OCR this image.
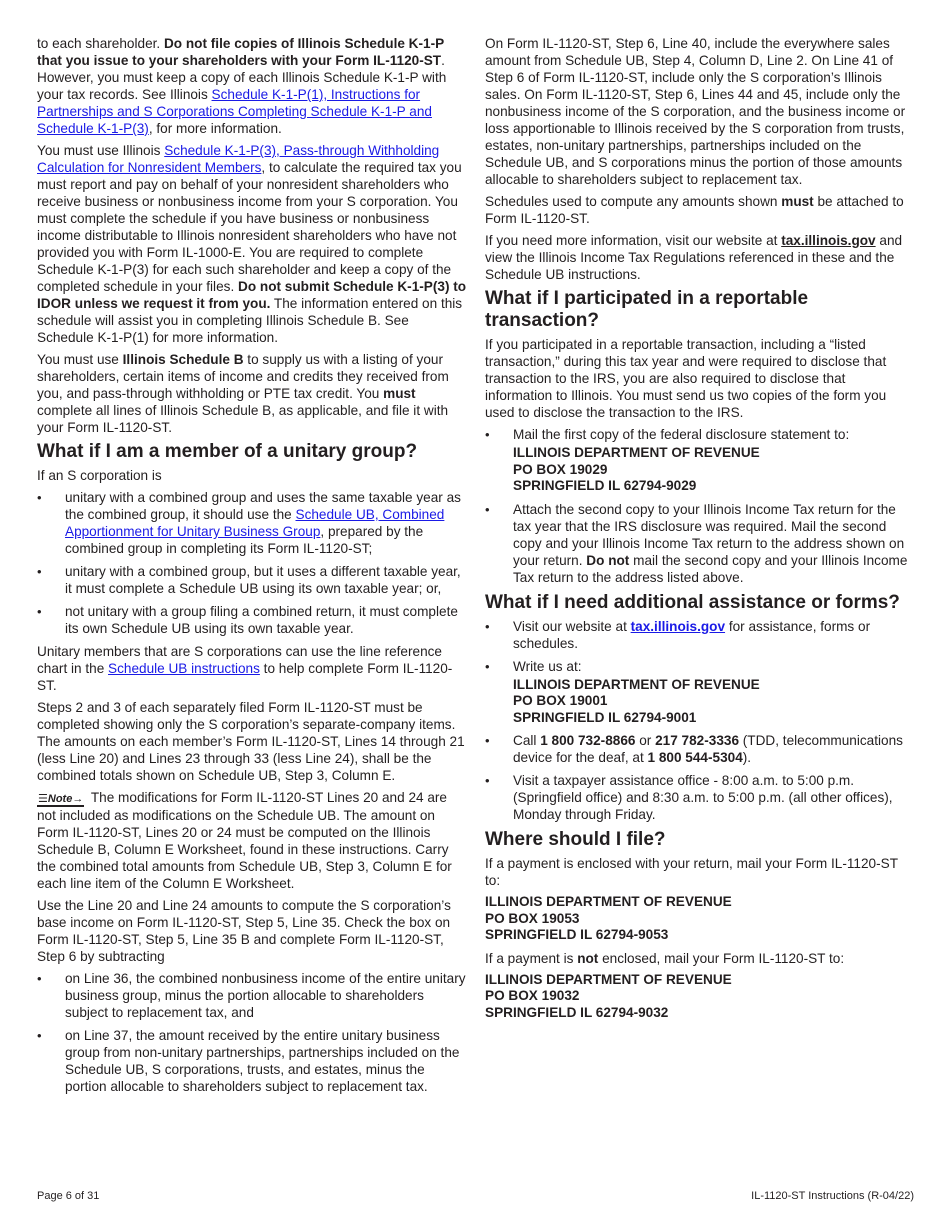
to each shareholder. Do not file copies of Illinois Schedule K-1-P that you issue to your shareholders with your Form IL-1120-ST. However, you must keep a copy of each Illinois Schedule K-1-P with your tax records. See Illinois Schedule K-1-P(1), Instructions for Partnerships and S Corporations Completing Schedule K-1-P and Schedule K-1-P(3), for more information.

You must use Illinois Schedule K-1-P(3), Pass-through Withholding Calculation for Nonresident Members, to calculate the required tax you must report and pay on behalf of your nonresident shareholders who receive business or nonbusiness income from your S corporation. You must complete the schedule if you have business or nonbusiness income distributable to Illinois nonresident shareholders who have not provided you with Form IL-1000-E. You are required to complete Schedule K-1-P(3) for each such shareholder and keep a copy of the completed schedule in your files. Do not submit Schedule K-1-P(3) to IDOR unless we request it from you. The information entered on this schedule will assist you in completing Illinois Schedule B. See Schedule K-1-P(1) for more information.

You must use Illinois Schedule B to supply us with a listing of your shareholders, certain items of income and credits they received from you, and pass-through withholding or PTE tax credit. You must complete all lines of Illinois Schedule B, as applicable, and file it with your Form IL-1120-ST.

What if I am a member of a unitary group?

If an S corporation is

• unitary with a combined group and uses the same taxable year as the combined group, it should use the Schedule UB, Combined Apportionment for Unitary Business Group, prepared by the combined group in completing its Form IL-1120-ST;
• unitary with a combined group, but it uses a different taxable year, it must complete a Schedule UB using its own taxable year; or,
• not unitary with a group filing a combined return, it must complete its own Schedule UB using its own taxable year.

Unitary members that are S corporations can use the line reference chart in the Schedule UB instructions to help complete Form IL-1120-ST.

Steps 2 and 3 of each separately filed Form IL-1120-ST must be completed showing only the S corporation’s separate-company items. The amounts on each member’s Form IL-1120-ST, Lines 14 through 21 (less Line 20) and Lines 23 through 33 (less Line 24), shall be the combined totals shown on Schedule UB, Step 3, Column E.

☰Note→ The modifications for Form IL-1120-ST Lines 20 and 24 are not included as modifications on the Schedule UB. The amount on Form IL-1120-ST, Lines 20 or 24 must be computed on the Illinois Schedule B, Column E Worksheet, found in these instructions. Carry the combined total amounts from Schedule UB, Step 3, Column E for each line item of the Column E Worksheet.

Use the Line 20 and Line 24 amounts to compute the S corporation’s base income on Form IL-1120-ST, Step 5, Line 35. Check the box on Form IL-1120-ST, Step 5, Line 35 B and complete Form IL-1120-ST, Step 6 by subtracting

• on Line 36, the combined nonbusiness income of the entire unitary business group, minus the portion allocable to shareholders subject to replacement tax, and
• on Line 37, the amount received by the entire unitary business group from non-unitary partnerships, partnerships included on the Schedule UB, S corporations, trusts, and estates, minus the portion allocable to shareholders subject to replacement tax.

On Form IL-1120-ST, Step 6, Line 40, include the everywhere sales amount from Schedule UB, Step 4, Column D, Line 2. On Line 41 of Step 6 of Form IL-1120-ST, include only the S corporation’s Illinois sales. On Form IL-1120-ST, Step 6, Lines 44 and 45, include only the nonbusiness income of the S corporation, and the business income or loss apportionable to Illinois received by the S corporation from trusts, estates, non-unitary partnerships, partnerships included on the Schedule UB, and S corporations minus the portion of those amounts allocable to shareholders subject to replacement tax.

Schedules used to compute any amounts shown must be attached to Form IL-1120-ST.

If you need more information, visit our website at tax.illinois.gov and view the Illinois Income Tax Regulations referenced in these and the Schedule UB instructions.

What if I participated in a reportable transaction?

If you participated in a reportable transaction, including a “listed transaction,” during this tax year and were required to disclose that transaction to the IRS, you are also required to disclose that information to Illinois. You must send us two copies of the form you used to disclose the transaction to the IRS.

• Mail the first copy of the federal disclosure statement to:
ILLINOIS DEPARTMENT OF REVENUE
PO BOX 19029
SPRINGFIELD IL 62794-9029
• Attach the second copy to your Illinois Income Tax return for the tax year that the IRS disclosure was required. Mail the second copy and your Illinois Income Tax return to the address shown on your return. Do not mail the second copy and your Illinois Income Tax return to the address listed above.
What if I need additional assistance or forms?
• Visit our website at tax.illinois.gov for assistance, forms or schedules.
• Write us at:
ILLINOIS DEPARTMENT OF REVENUE
PO BOX 19001
SPRINGFIELD IL 62794-9001
• Call 1 800 732-8866 or 217 782-3336 (TDD, telecommunications device for the deaf, at 1 800 544-5304).
• Visit a taxpayer assistance office - 8:00 a.m. to 5:00 p.m. (Springfield office) and 8:30 a.m. to 5:00 p.m. (all other offices), Monday through Friday.
Where should I file?

If a payment is enclosed with your return, mail your Form IL-1120-ST to:

ILLINOIS DEPARTMENT OF REVENUE
PO BOX 19053
SPRINGFIELD IL 62794-9053

If a payment is not enclosed, mail your Form IL-1120-ST to:

ILLINOIS DEPARTMENT OF REVENUE
PO BOX 19032
SPRINGFIELD IL 62794-9032
Page 6 of 31	IL-1120-ST Instructions (R-04/22)
